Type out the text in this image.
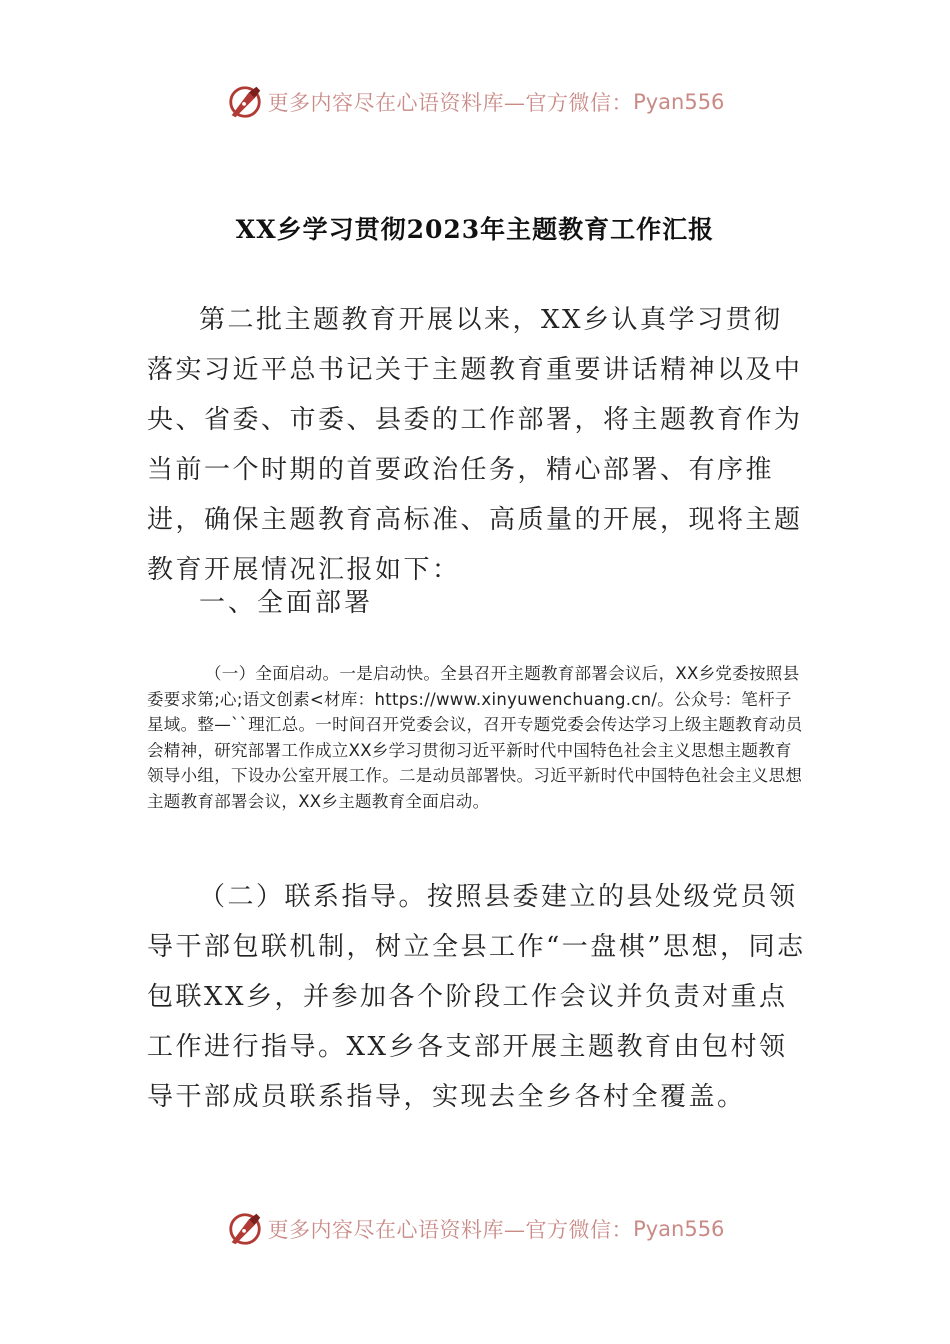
更多内容尽在心语资料库—官方微信： Pyan556
XX乡学习贯彻2023年主题教育工作汇报

第二批主题教育开展以来，XX乡认真学习贯彻落实习近平总书记关于主题教育重要讲话精神以及中央、省委、市委、县委的工作部署，将主题教育作为当前一个时期的首要政治任务，精心部署、有序推进，确保主题教育高标准、高质量的开展，现将主题教育开展情况汇报如下：

一、全面部署

（一）全面启动。一是启动快。全县召开主题教育部署会议后，XX乡党委按照县委要求第;心;语文创素<材库：https://www.xinyuwenchuang.cn/。公众号：笔杆子星域。整—``理汇总。一时间召开党委会议，召开专题党委会传达学习上级主题教育动员会精神，研究部署工作成立XX乡学习贯彻习近平新时代中国特色社会主义思想主题教育领导小组，下设办公室开展工作。二是动员部署快。习近平新时代中国特色社会主义思想主题教育部署会议，XX乡主题教育全面启动。

（二）联系指导。按照县委建立的县处级党员领导干部包联机制，树立全县工作“一盘棋”思想，同志包联XX乡，并参加各个阶段工作会议并负责对重点工作进行指导。XX乡各支部开展主题教育由包村领导干部成员联系指导，实现去全乡各村全覆盖。

更多内容尽在心语资料库—官方微信： Pyan556
